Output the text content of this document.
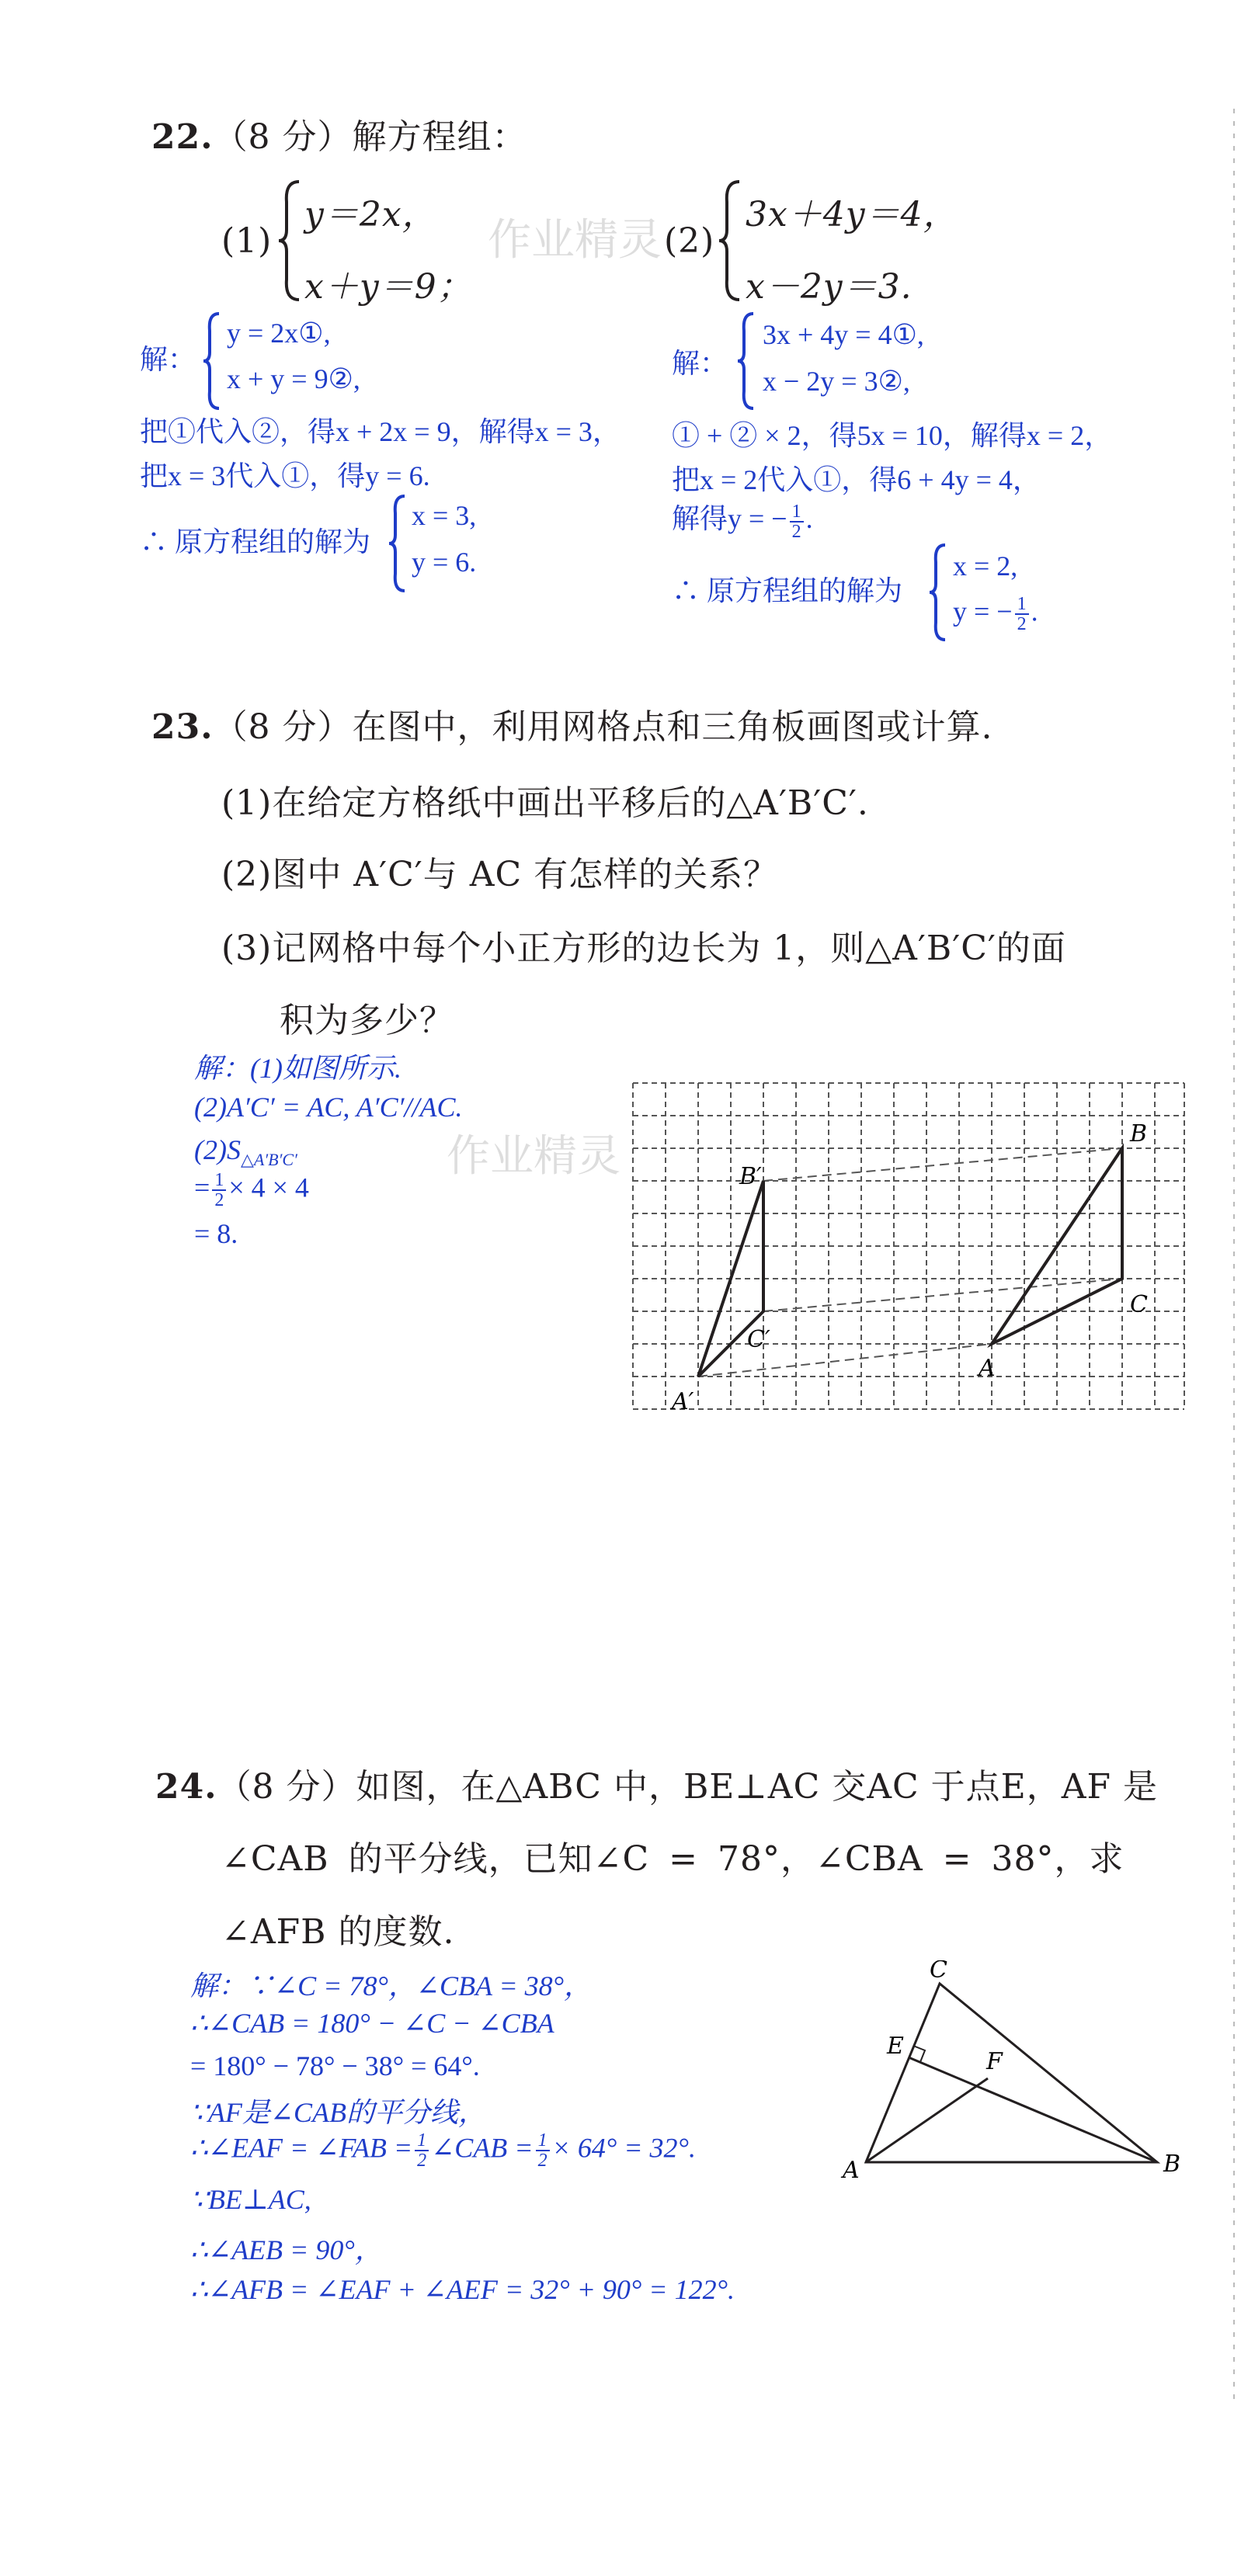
22.（8 分）解方程组：
(1)
y＝2x，
x＋y＝9；
(2)
3x＋4y＝4，
x－2y＝3.
作业精灵
解：
y = 2x①,
x + y = 9②,
把①代入②，得x + 2x = 9，解得x = 3，
把x = 3代入①，得y = 6.
∴ 原方程组的解为
x = 3,
y = 6.
解：
3x + 4y = 4①,
x − 2y = 3②,
① + ② × 2，得5x = 10，解得x = 2，
把x = 2代入①，得6 + 4y = 4，
解得y = − $\frac{1}{2}$ .
∴ 原方程组的解为
x = 2,
y = − $\frac{1}{2}$ .
23.（8 分）在图中，利用网格点和三角板画图或计算.
(1)在给定方格纸中画出平移后的△A′B′C′.
(2)图中 A′C′与 AC 有怎样的关系？
(3)记网格中每个小正方形的边长为 1，则△A′B′C′的面
积为多少？
解：(1)如图所示.
(2)A′C′ = AC, A′C′//AC.
$(2)S_{\triangle A'B'C'}$
= $\frac{1}{2} \times 4 \times 4$
= 8.
作业精灵	B
C
A
B′
C′
A′
24.（8 分）如图，在△ABC 中，BE⊥AC 交AC 于点E，AF 是
∠CAB 的平分线，已知∠C = 78°，∠CBA = 38°，求
∠AFB 的度数.
解：∵∠C = 78°，∠CBA = 38°，
∴∠CAB = 180° − ∠C − ∠CBA
= 180° − 78° − 38° = 64°.
∵AF是∠CAB的平分线，
∴∠EAF = ∠FAB = $\frac{1}{2}$ ∠CAB = $\frac{1}{2} \times 64^\circ = 32^\circ$.
∵BE⊥AC,
∴∠AEB = 90°，
∴∠AFB = ∠EAF + ∠AEF = 32° + 90° = 122°.
C
E
F
A	B
